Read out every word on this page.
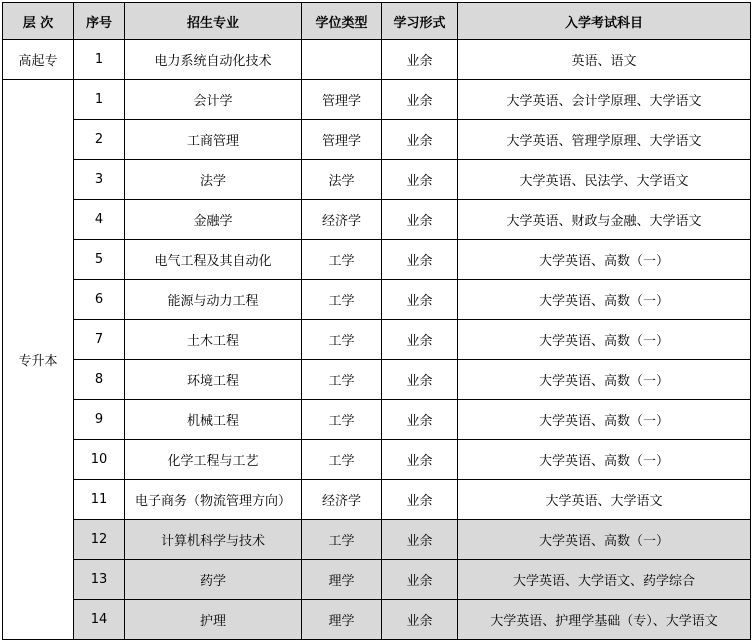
层 次	序号	招生专业	学位类型	学习形式	入学考试科目
高起专	1	电力系统自动化技术		业余	英语、语文
专升本	1	会计学	管理学	业余	大学英语、会计学原理、大学语文
	2	工商管理	管理学	业余	大学英语、管理学原理、大学语文
	3	法学	法学	业余	大学英语、民法学、大学语文
	4	金融学	经济学	业余	大学英语、财政与金融、大学语文
	5	电气工程及其自动化	工学	业余	大学英语、高数（一）
	6	能源与动力工程	工学	业余	大学英语、高数（一）
	7	土木工程	工学	业余	大学英语、高数（一）
	8	环境工程	工学	业余	大学英语、高数（一）
	9	机械工程	工学	业余	大学英语、高数（一）
	10	化学工程与工艺	工学	业余	大学英语、高数（一）
	11	电子商务（物流管理方向）	经济学	业余	大学英语、大学语文
	12	计算机科学与技术	工学	业余	大学英语、高数（一）
	13	药学	理学	业余	大学英语、大学语文、药学综合
	14	护理	理学	业余	大学英语、护理学基础（专）、大学语文
